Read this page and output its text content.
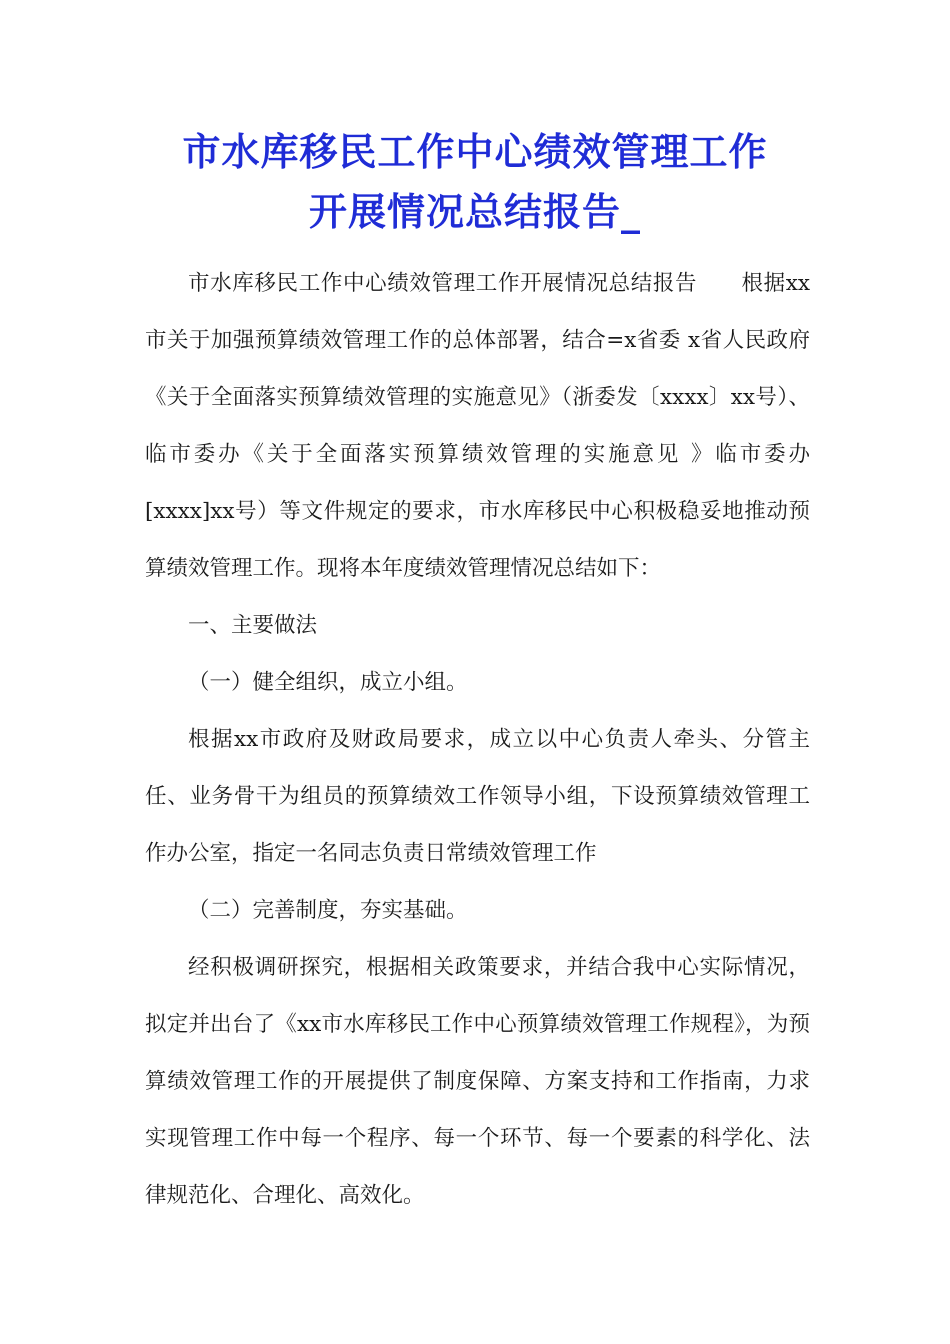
市水库移民工作中心绩效管理工作
开展情况总结报告_

市水库移民工作中心绩效管理工作开展情况总结报告　　根据xx市关于加强预算绩效管理工作的总体部署，结合=x省委 x省人民政府《关于全面落实预算绩效管理的实施意见》（浙委发〔xxxx〕xx号）、临市委办《关于全面落实预算绩效管理的实施意见 》临市委办[xxxx]xx号）等文件规定的要求，市水库移民中心积极稳妥地推动预算绩效管理工作。现将本年度绩效管理情况总结如下：

一、主要做法

（一）健全组织，成立小组。

根据xx市政府及财政局要求，成立以中心负责人牵头、分管主任、业务骨干为组员的预算绩效工作领导小组，下设预算绩效管理工作办公室，指定一名同志负责日常绩效管理工作

（二）完善制度，夯实基础。

经积极调研探究，根据相关政策要求，并结合我中心实际情况，拟定并出台了《xx市水库移民工作中心预算绩效管理工作规程》，为预算绩效管理工作的开展提供了制度保障、方案支持和工作指南，力求实现管理工作中每一个程序、每一个环节、每一个要素的科学化、法律规范化、合理化、高效化。
